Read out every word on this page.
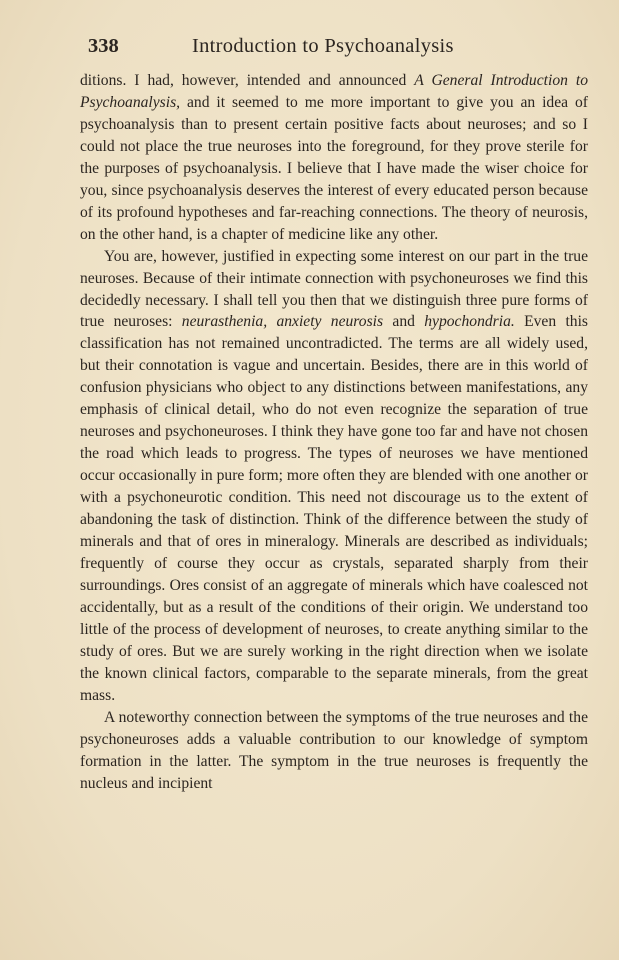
338	Introduction to Psychoanalysis

ditions. I had, however, intended and announced A General Introduction to Psychoanalysis, and it seemed to me more important to give you an idea of psychoanalysis than to present certain positive facts about neuroses; and so I could not place the true neuroses into the foreground, for they prove sterile for the purposes of psychoanalysis. I believe that I have made the wiser choice for you, since psychoanalysis deserves the interest of every educated person because of its profound hypotheses and far-reaching connections. The theory of neurosis, on the other hand, is a chapter of medicine like any other.

You are, however, justified in expecting some interest on our part in the true neuroses. Because of their intimate connection with psychoneuroses we find this decidedly necessary. I shall tell you then that we distinguish three pure forms of true neuroses: neurasthenia, anxiety neurosis and hypochondria. Even this classification has not remained uncontradicted. The terms are all widely used, but their connotation is vague and uncertain. Besides, there are in this world of confusion physicians who object to any distinctions between manifestations, any emphasis of clinical detail, who do not even recognize the separation of true neuroses and psychoneuroses. I think they have gone too far and have not chosen the road which leads to progress. The types of neuroses we have mentioned occur occasionally in pure form; more often they are blended with one another or with a psychoneurotic condition. This need not discourage us to the extent of abandoning the task of distinction. Think of the difference between the study of minerals and that of ores in mineralogy. Minerals are described as individuals; frequently of course they occur as crystals, separated sharply from their surroundings. Ores consist of an aggregate of minerals which have coalesced not accidentally, but as a result of the conditions of their origin. We understand too little of the process of development of neuroses, to create anything similar to the study of ores. But we are surely working in the right direction when we isolate the known clinical factors, comparable to the separate minerals, from the great mass.

A noteworthy connection between the symptoms of the true neuroses and the psychoneuroses adds a valuable contribution to our knowledge of symptom formation in the latter. The symptom in the true neuroses is frequently the nucleus and incipient
